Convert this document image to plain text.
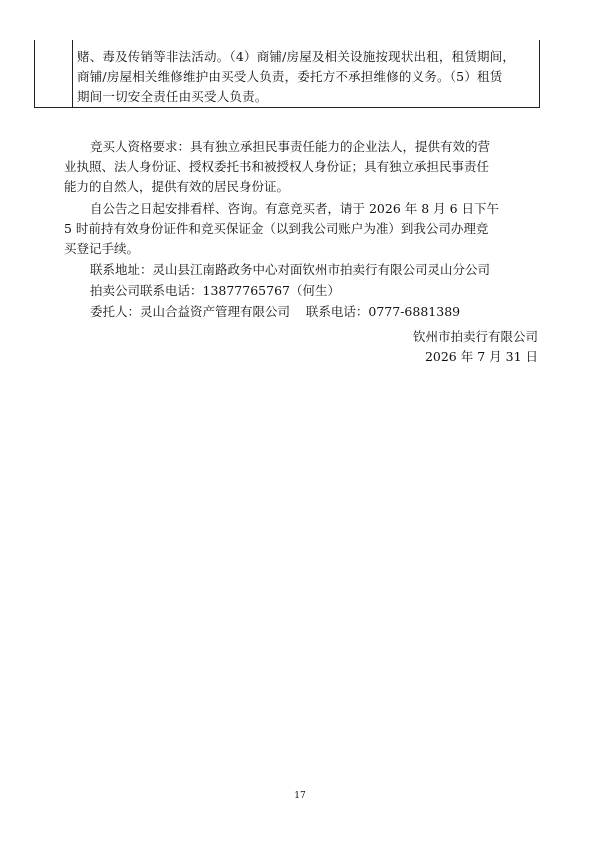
赌、毒及传销等非法活动。（4）商铺/房屋及相关设施按现状出租，租赁期间，
商铺/房屋相关维修维护由买受人负责，委托方不承担维修的义务。（5）租赁
期间一切安全责任由买受人负责。
竞买人资格要求：具有独立承担民事责任能力的企业法人，提供有效的营
业执照、法人身份证、授权委托书和被授权人身份证；具有独立承担民事责任
能力的自然人，提供有效的居民身份证。
自公告之日起安排看样、咨询。有意竞买者，请于 2026 年 8 月 6 日下午
5 时前持有效身份证件和竞买保证金（以到我公司账户为准）到我公司办理竞
买登记手续。
联系地址：灵山县江南路政务中心对面钦州市拍卖行有限公司灵山分公司
拍卖公司联系电话：13877765767（何生）
委托人：灵山合益资产管理有限公司    联系电话：0777-6881389
钦州市拍卖行有限公司
2026 年 7 月 31 日
17
